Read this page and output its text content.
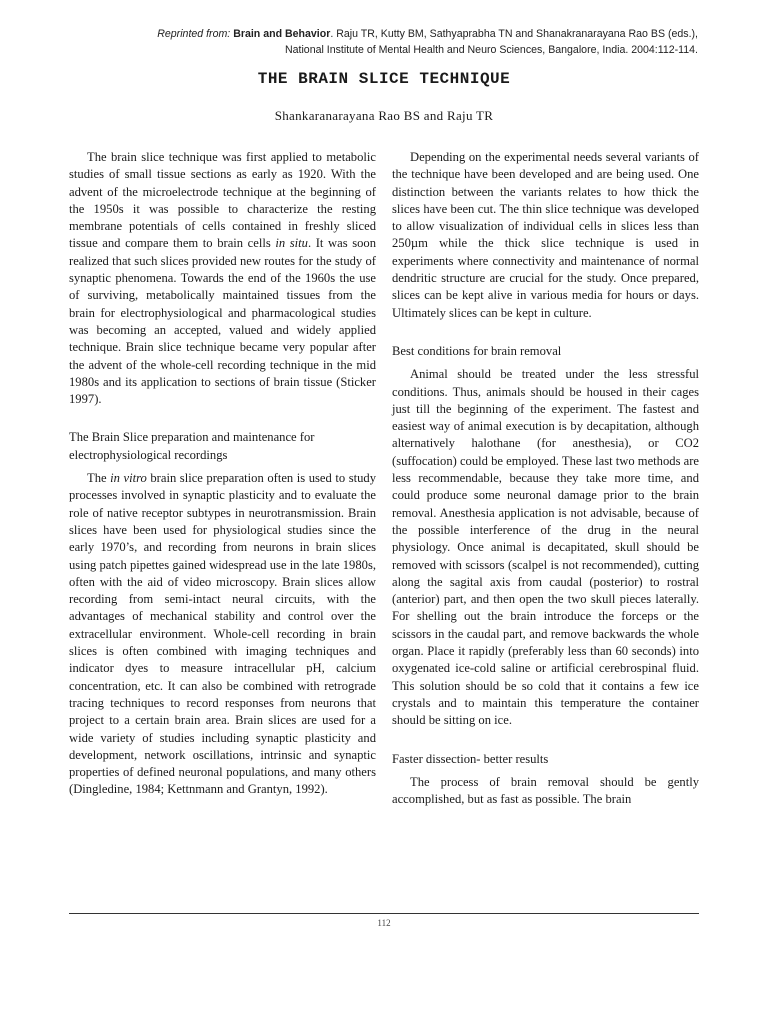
Reprinted from: Brain and Behavior. Raju TR, Kutty BM, Sathyaprabha TN and Shanakranarayana Rao BS (eds.),
National Institute of Mental Health and Neuro Sciences, Bangalore, India. 2004:112-114.
THE BRAIN SLICE TECHNIQUE
Shankaranarayana Rao BS and Raju TR

The brain slice technique was first applied to metabolic studies of small tissue sections as early as 1920. With the advent of the microelectrode technique at the beginning of the 1950s it was possible to characterize the resting membrane potentials of cells contained in freshly sliced tissue and compare them to brain cells in situ. It was soon realized that such slices provided new routes for the study of synaptic phenomena. Towards the end of the 1960s the use of surviving, metabolically maintained tissues from the brain for electrophysiological and pharmacological studies was becoming an accepted, valued and widely applied technique. Brain slice technique became very popular after the advent of the whole-cell recording technique in the mid 1980s and its application to sections of brain tissue (Sticker 1997).

The Brain Slice preparation and maintenance for electrophysiological recordings

The in vitro brain slice preparation often is used to study processes involved in synaptic plasticity and to evaluate the role of native receptor subtypes in neurotransmission. Brain slices have been used for physiological studies since the early 1970’s, and recording from neurons in brain slices using patch pipettes gained widespread use in the late 1980s, often with the aid of video microscopy. Brain slices allow recording from semi-intact neural circuits, with the advantages of mechanical stability and control over the extracellular environment. Whole-cell recording in brain slices is often combined with imaging techniques and indicator dyes to measure intracellular pH, calcium concentration, etc. It can also be combined with retrograde tracing techniques to record responses from neurons that project to a certain brain area. Brain slices are used for a wide variety of studies including synaptic plasticity and development, network oscillations, intrinsic and synaptic properties of defined neuronal populations, and many others (Dingledine, 1984; Kettnmann and Grantyn, 1992).

Depending on the experimental needs several variants of the technique have been developed and are being used. One distinction between the variants relates to how thick the slices have been cut. The thin slice technique was developed to allow visualization of individual cells in slices less than 250µm while the thick slice technique is used in experiments where connectivity and maintenance of normal dendritic structure are crucial for the study. Once prepared, slices can be kept alive in various media for hours or days. Ultimately slices can be kept in culture.

Best conditions for brain removal

Animal should be treated under the less stressful conditions. Thus, animals should be housed in their cages just till the beginning of the experiment. The fastest and easiest way of animal execution is by decapitation, although alternatively halothane (for anesthesia), or CO2 (suffocation) could be employed. These last two methods are less recommendable, because they take more time, and could produce some neuronal damage prior to the brain removal. Anesthesia application is not advisable, because of the possible interference of the drug in the neural physiology. Once animal is decapitated, skull should be removed with scissors (scalpel is not recommended), cutting along the sagital axis from caudal (posterior) to rostral (anterior) part, and then open the two skull pieces laterally. For shelling out the brain introduce the forceps or the scissors in the caudal part, and remove backwards the whole organ. Place it rapidly (preferably less than 60 seconds) into oxygenated ice-cold saline or artificial cerebrospinal fluid. This solution should be so cold that it contains a few ice crystals and to maintain this temperature the container should be sitting on ice.

Faster dissection- better results

The process of brain removal should be gently accomplished, but as fast as possible. The brain

112
